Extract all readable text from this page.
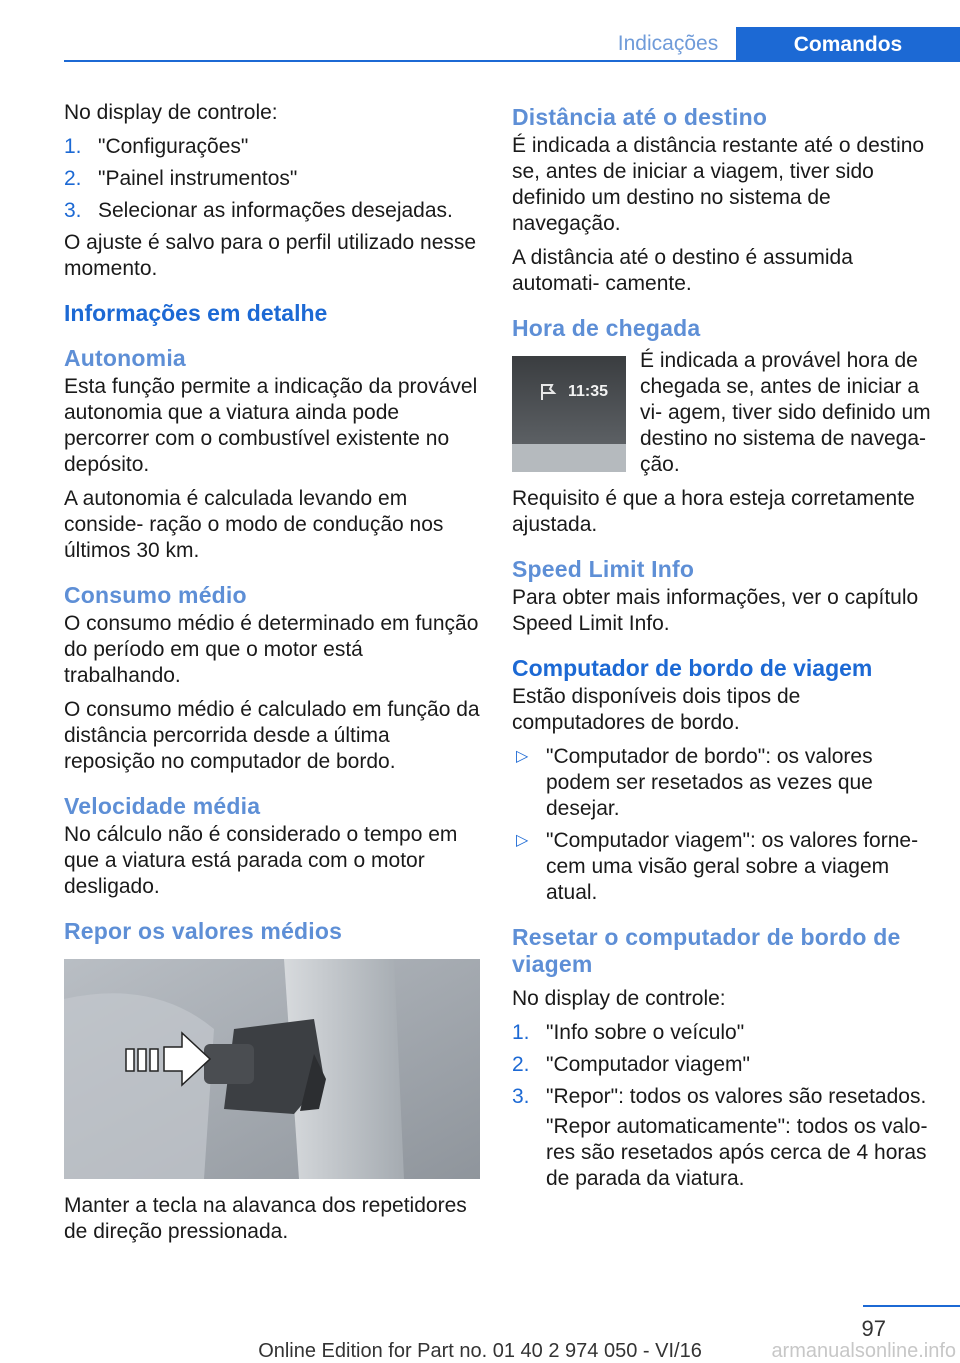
Indicações	Comandos

No display de controle:

1. "Configurações"
2. "Painel instrumentos"
3. Selecionar as informações desejadas.

O ajuste é salvo para o perfil utilizado nesse momento.

Informações em detalhe
Autonomia

Esta função permite a indicação da provável autonomia que a viatura ainda pode percorrer com o combustível existente no depósito.

A autonomia é calculada levando em conside‐ ração o modo de condução nos últimos 30 km.

Consumo médio

O consumo médio é determinado em função do período em que o motor está trabalhando.

O consumo médio é calculado em função da distância percorrida desde a última reposição no computador de bordo.

Velocidade média

No cálculo não é considerado o tempo em que a viatura está parada com o motor desligado.

Repor os valores médios

Manter a tecla na alavanca dos repetidores de direção pressionada.

Distância até o destino

É indicada a distância restante até o destino se, antes de iniciar a viagem, tiver sido definido um destino no sistema de navegação.

A distância até o destino é assumida automati‐ camente.

Hora de chegada
11:35
É indicada a provável hora de chegada se, antes de iniciar a vi‐ agem, tiver sido definido um destino no sistema de navega‐ ção.

Requisito é que a hora esteja corretamente ajustada.

Speed Limit Info

Para obter mais informações, ver o capítulo Speed Limit Info.

Computador de bordo de viagem

Estão disponíveis dois tipos de computadores de bordo.

▷ "Computador de bordo": os valores podem ser resetados as vezes que desejar.
▷ "Computador viagem": os valores forne‐ cem uma visão geral sobre a viagem atual.
Resetar o computador de bordo de viagem

No display de controle:

1. "Info sobre o veículo"
2. "Computador viagem"
3. "Repor": todos os valores são resetados.

"Repor automaticamente": todos os valo‐ res são resetados após cerca de 4 horas de parada da viatura.

97
Online Edition for Part no. 01 40 2 974 050 - VI/16	armanualsonline.info
